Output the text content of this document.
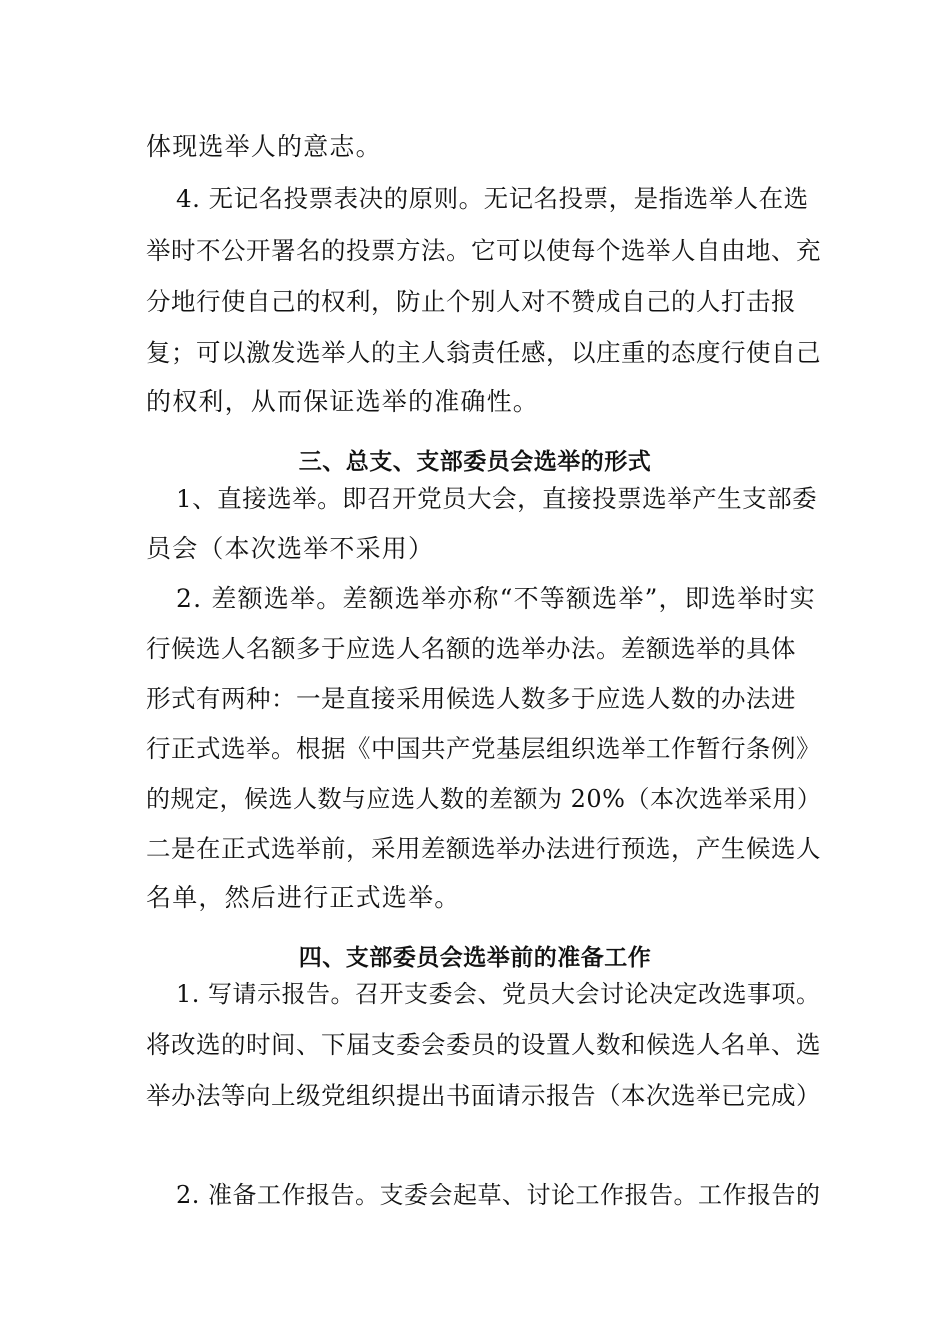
体现选举人的意志。
4. 无记名投票表决的原则。无记名投票，是指选举人在选
举时不公开署名的投票方法。它可以使每个选举人自由地、充
分地行使自己的权利，防止个别人对不赞成自己的人打击报
复；可以激发选举人的主人翁责任感，以庄重的态度行使自己
的权利，从而保证选举的准确性。
三、总支、支部委员会选举的形式
1、直接选举。即召开党员大会，直接投票选举产生支部委
员会（本次选举不采用）
2. 差额选举。差额选举亦称“不等额选举”，即选举时实
行候选人名额多于应选人名额的选举办法。差额选举的具体
形式有两种：一是直接采用候选人数多于应选人数的办法进
行正式选举。根据《中国共产党基层组织选举工作暂行条例》
的规定，候选人数与应选人数的差额为 20%（本次选举采用）
二是在正式选举前，采用差额选举办法进行预选，产生候选人
名单，然后进行正式选举。
四、支部委员会选举前的准备工作
1. 写请示报告。召开支委会、党员大会讨论决定改选事项。
将改选的时间、下届支委会委员的设置人数和候选人名单、选
举办法等向上级党组织提出书面请示报告（本次选举已完成）
2. 准备工作报告。支委会起草、讨论工作报告。工作报告的
